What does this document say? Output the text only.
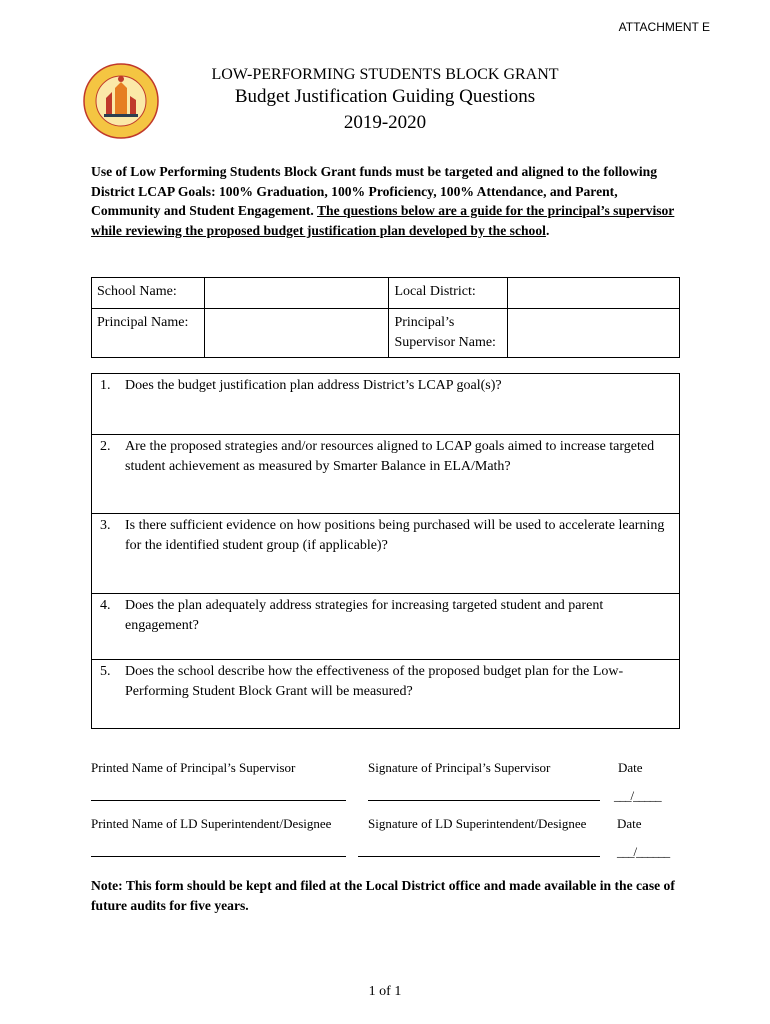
ATTACHMENT E
LOW-PERFORMING STUDENTS BLOCK GRANT
Budget Justification Guiding Questions
2019-2020
Use of Low Performing Students Block Grant funds must be targeted and aligned to the following District LCAP Goals: 100% Graduation, 100% Proficiency, 100% Attendance, and Parent, Community and Student Engagement. The questions below are a guide for the principal’s supervisor while reviewing the proposed budget justification plan developed by the school.
School Name:		Local District:	
Principal Name:		Principal’s
Supervisor Name:	
1. Does the budget justification plan address District’s LCAP goal(s)?
2. Are the proposed strategies and/or resources aligned to LCAP goals aimed to increase targeted student achievement as measured by Smarter Balance in ELA/Math?
3. Is there sufficient evidence on how positions being purchased will be used to accelerate learning for the identified student group (if applicable)?
4. Does the plan adequately address strategies for increasing targeted student and parent engagement?
5. Does the school describe how the effectiveness of the proposed budget plan for the Low-Performing Student Block Grant will be measured?
Printed Name of Principal’s Supervisor	Signature of Principal’s Supervisor	Date
___/_____
Printed Name of LD Superintendent/Designee	Signature of LD Superintendent/Designee Date
___/______
Note: This form should be kept and filed at the Local District office and made available in the case of future audits for five years.
1 of 1
